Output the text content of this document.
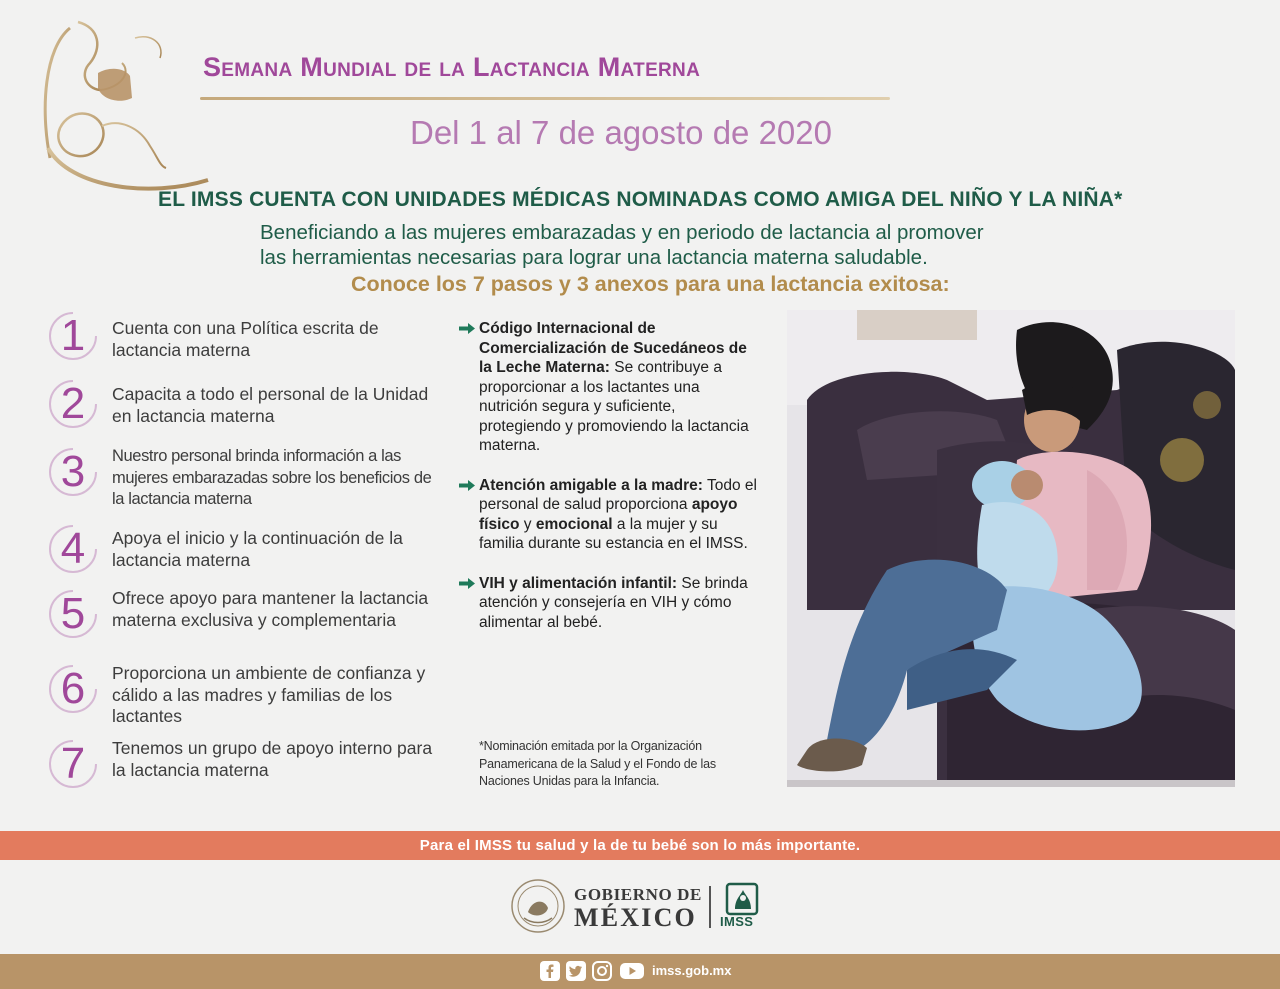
Semana Mundial de la Lactancia Materna
Del 1 al 7 de agosto de 2020
EL IMSS CUENTA CON UNIDADES MÉDICAS NOMINADAS COMO AMIGA DEL NIÑO Y LA NIÑA*
Beneficiando a las mujeres embarazadas y en periodo de lactancia al promover
las herramientas necesarias para lograr una lactancia materna saludable.
Conoce los 7 pasos y 3 anexos para una lactancia exitosa:
1	Cuenta con una Política escrita de lactancia materna
2	Capacita a todo el personal de la Unidad en lactancia materna
3	Nuestro personal brinda información a las mujeres embarazadas sobre los beneficios de la lactancia materna
4	Apoya el inicio y la continuación de la lactancia materna
5	Ofrece apoyo para mantener la lactancia materna exclusiva y complementaria
6	Proporciona un ambiente de confianza y cálido a las madres y familias de los lactantes
7	Tenemos un grupo de apoyo interno para la lactancia materna
Código Internacional de Comercialización de Sucedáneos de la Leche Materna: Se contribuye a proporcionar a los lactantes una nutrición segura y suficiente, protegiendo y promoviendo la lactancia materna.
Atención amigable a la madre: Todo el personal de salud proporciona apoyo físico y emocional a la mujer y su familia durante su estancia en el IMSS.
VIH y alimentación infantil: Se brinda atención y consejería en VIH y cómo alimentar al bebé.
*Nominación emitada por la Organización Panamericana de la Salud y el Fondo de las Naciones Unidas para la Infancia.
Para el IMSS tu salud y la de tu bebé son lo más importante.
GOBIERNO DE
MÉXICO IMSS
imss.gob.mx
